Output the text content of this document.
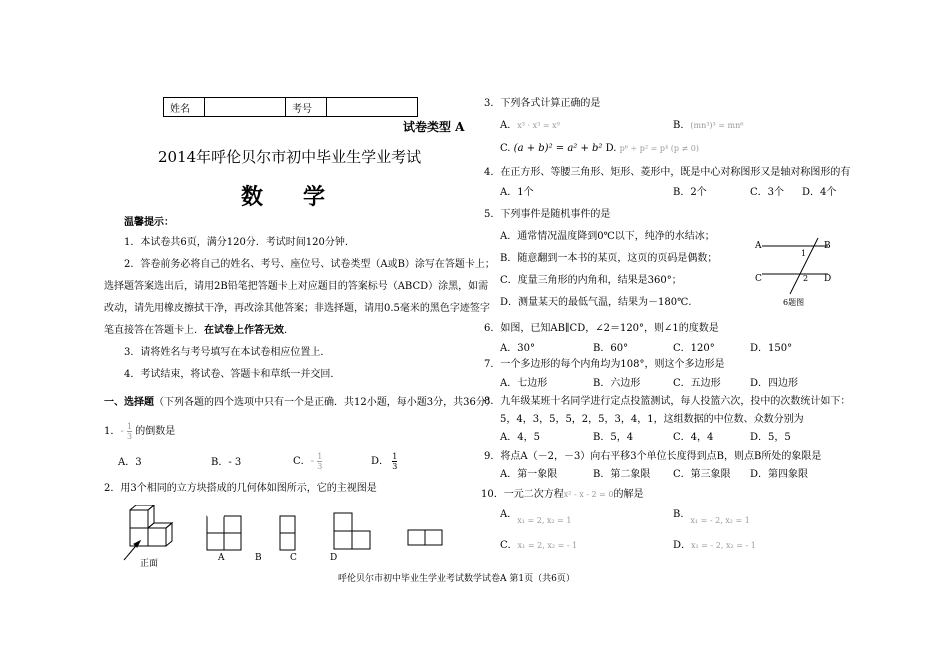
姓名		考号	
试卷类型 A
2014年呼伦贝尔市初中毕业生学业考试
数学
温馨提示：
1．本试卷共6页，满分120分．考试时间120分钟．
2．答卷前务必将自己的姓名、考号、座位号、试卷类型（A或B）涂写在答题卡上；
选择题答案选出后，请用2B铅笔把答题卡上对应题目的答案标号（ABCD）涂黑，如需
改动，请先用橡皮擦拭干净，再改涂其他答案；非选择题，请用0.5毫米的黑色字迹签字
笔直接答在答题卡上．在试卷上作答无效．
3．请将姓名与考号填写在本试卷相应位置上．
4．考试结束，将试卷、答题卡和草纸一并交回．
一、选择题（下列各题的四个选项中只有一个是正确．共12小题，每小题3分，共36分）
1．- $\frac{1}{3}$ 的倒数是
A．3	B．- 3	C．- $\frac{1}{3}$	D． $\frac{1}{3}$
2．用3个相同的立方块搭成的几何体如图所示，它的主视图是
正面
A	B	C	D
3．下列各式计算正确的是
A．x³ · x³ = x⁹	B．(mn³)³ = mn⁶
C. (a + b)² = a² + b² D. p⁶ ÷ p² = p⁴ (p ≠ 0)
4．在正方形、等腰三角形、矩形、菱形中，既是中心对称图形又是轴对称图形的有
A．1个	B．2个	C．3个 D．4个
5．下列事件是随机事件的是
A．通常情况温度降到0℃以下，纯净的水结冰；
B．随意翻到一本书的某页，这页的页码是偶数；
C．度量三角形的内角和，结果是360°；
D．测量某天的最低气温，结果为－180℃.
A	B
C	D
1
2
6题图
6．如图，已知AB∥CD，∠2＝120°，则∠1的度数是
A．30°	B．60°	C．120°	D．150°
7．一个多边形的每个内角均为108°，则这个多边形是
A．七边形	B．六边形	C．五边形	D．四边形
8．九年级某班十名同学进行定点投篮测试，每人投篮六次，投中的次数统计如下：
5，4，3，5，5，2，5，3，4，1，这组数据的中位数、众数分别为
A．4，5	B．5，4	C．4，4	D．5，5
9．将点A（－2，－3）向右平移3个单位长度得到点B，则点B所处的象限是
A．第一象限	B．第二象限 C．第三象限 D．第四象限
10．一元二次方程x² - x - 2 = 0的解是
A．$_{x_1 = 2, x_2 = 1}$
B．$_{x_1 = - 2, x_2 = 1}$
C．x₁ = 2, x₂ = - 1	D．x₁ = - 2, x₂ = - 1
呼伦贝尔市初中毕业生学业考试数学试卷A 第1页（共6页）
